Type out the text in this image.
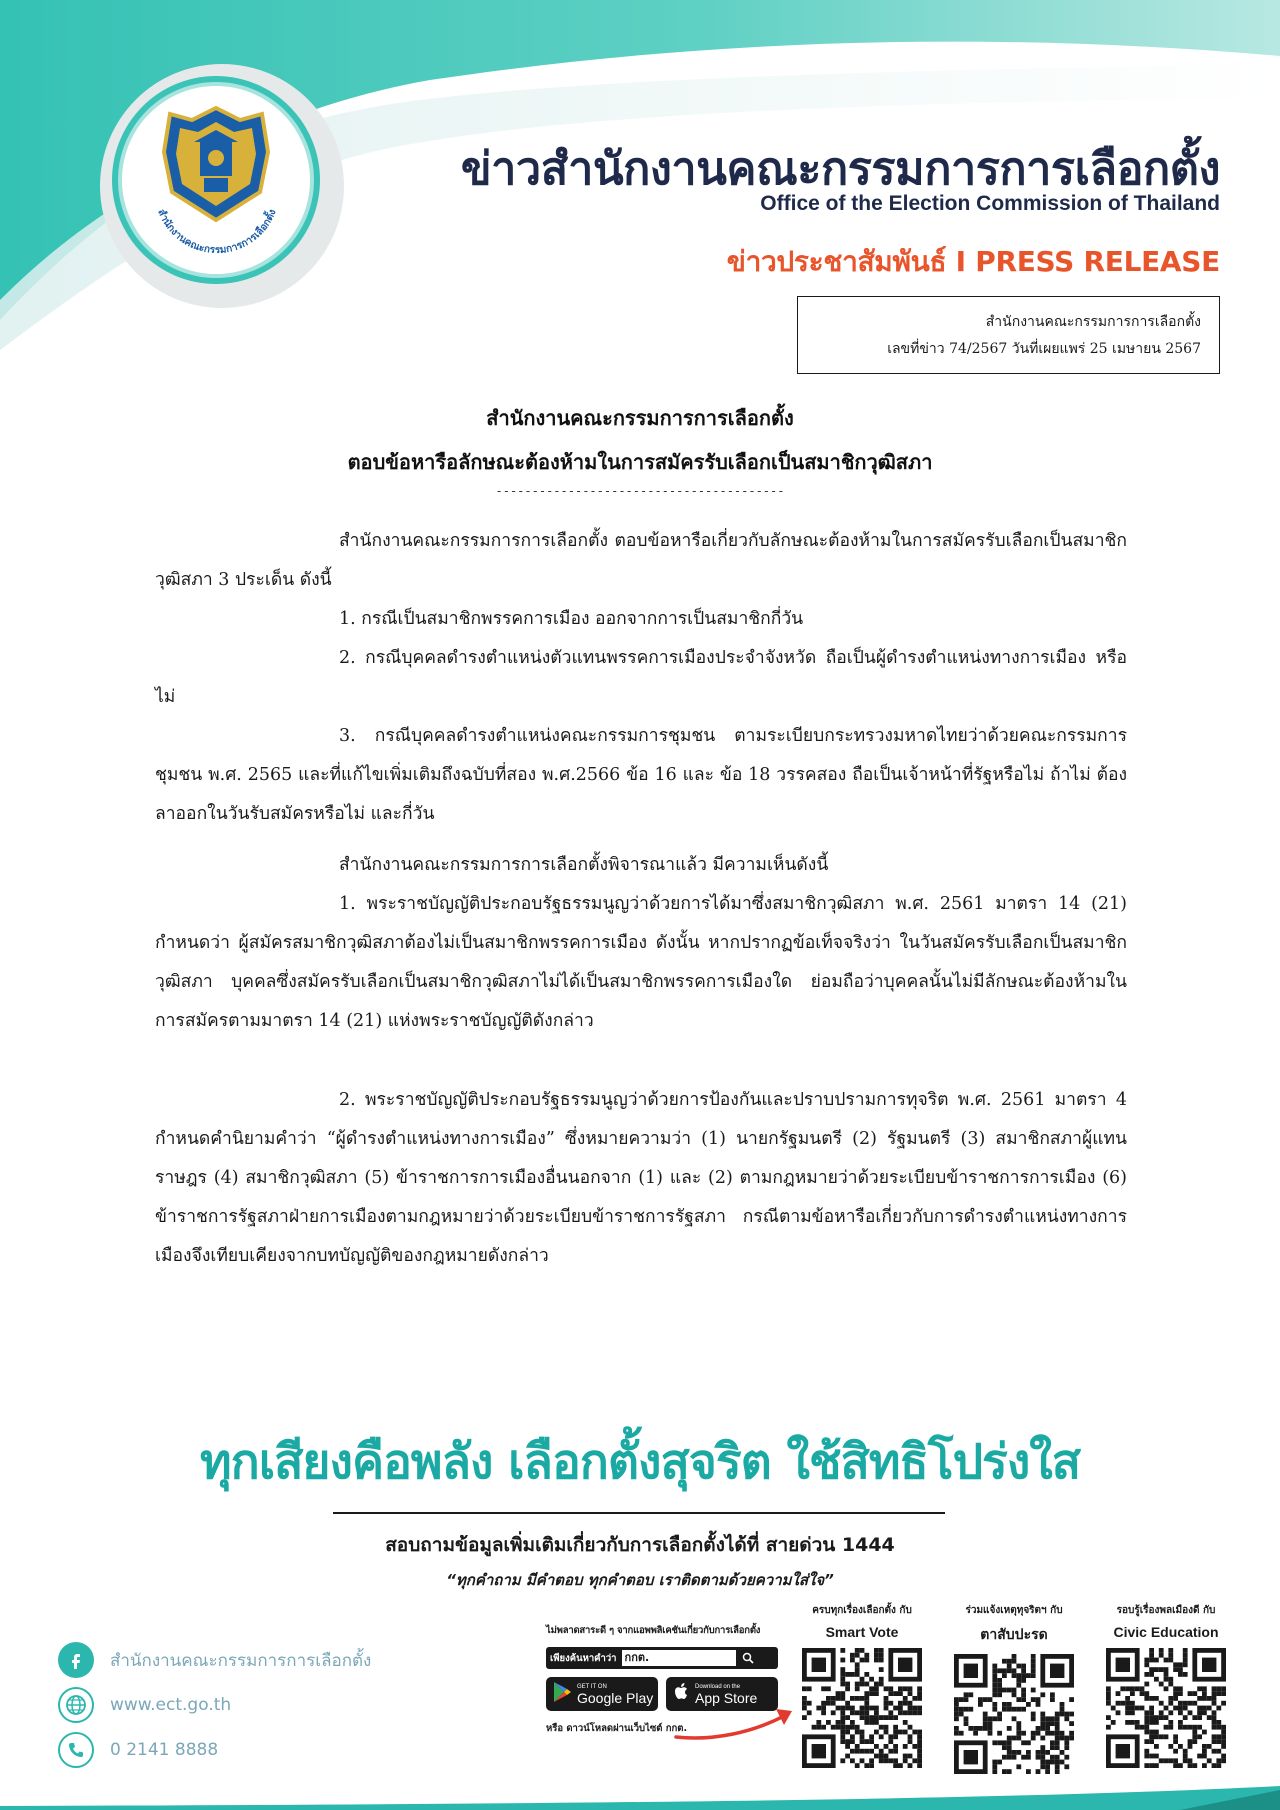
สำนักงานคณะกรรมการการเลือกตั้ง
ข่าวสำนักงานคณะกรรมการการเลือกตั้ง
Office of the Election Commission of Thailand
ข่าวประชาสัมพันธ์ I PRESS RELEASE
สำนักงานคณะกรรมการการเลือกตั้ง
เลขที่ข่าว 74/2567 วันที่เผยแพร่ 25 เมษายน 2567
สำนักงานคณะกรรมการการเลือกตั้ง
ตอบข้อหารือลักษณะต้องห้ามในการสมัครรับเลือกเป็นสมาชิกวุฒิสภา
----------------------------------------

สำนักงานคณะกรรมการการเลือกตั้ง ตอบข้อหารือเกี่ยวกับลักษณะต้องห้ามในการสมัครรับเลือกเป็นสมาชิกวุฒิสภา 3 ประเด็น ดังนี้

1. กรณีเป็นสมาชิกพรรคการเมือง ออกจากการเป็นสมาชิกกี่วัน

2. กรณีบุคคลดำรงตำแหน่งตัวแทนพรรคการเมืองประจำจังหวัด ถือเป็นผู้ดำรงตำแหน่งทางการเมือง หรือไม่

3. กรณีบุคคลดำรงตำแหน่งคณะกรรมการชุมชน ตามระเบียบกระทรวงมหาดไทยว่าด้วยคณะกรรมการชุมชน พ.ศ. 2565 และที่แก้ไขเพิ่มเติมถึงฉบับที่สอง พ.ศ.2566 ข้อ 16 และ ข้อ 18 วรรคสอง ถือเป็นเจ้าหน้าที่รัฐหรือไม่ ถ้าไม่ ต้องลาออกในวันรับสมัครหรือไม่ และกี่วัน

สำนักงานคณะกรรมการการเลือกตั้งพิจารณาแล้ว มีความเห็นดังนี้

1. พระราชบัญญัติประกอบรัฐธรรมนูญว่าด้วยการได้มาซึ่งสมาชิกวุฒิสภา พ.ศ. 2561 มาตรา 14 (21) กำหนดว่า ผู้สมัครสมาชิกวุฒิสภาต้องไม่เป็นสมาชิกพรรคการเมือง ดังนั้น หากปรากฏข้อเท็จจริงว่า ในวันสมัครรับเลือกเป็นสมาชิกวุฒิสภา บุคคลซึ่งสมัครรับเลือกเป็นสมาชิกวุฒิสภาไม่ได้เป็นสมาชิกพรรคการเมืองใด ย่อมถือว่าบุคคลนั้นไม่มีลักษณะต้องห้ามในการสมัครตามมาตรา 14 (21) แห่งพระราชบัญญัติดังกล่าว

2. พระราชบัญญัติประกอบรัฐธรรมนูญว่าด้วยการป้องกันและปราบปรามการทุจริต พ.ศ. 2561 มาตรา 4 กำหนดคำนิยามคำว่า “ผู้ดำรงตำแหน่งทางการเมือง” ซึ่งหมายความว่า (1) นายกรัฐมนตรี (2) รัฐมนตรี (3) สมาชิกสภาผู้แทนราษฎร (4) สมาชิกวุฒิสภา (5) ข้าราชการการเมืองอื่นนอกจาก (1) และ (2) ตามกฎหมายว่าด้วยระเบียบข้าราชการการเมือง (6) ข้าราชการรัฐสภาฝ่ายการเมืองตามกฎหมายว่าด้วยระเบียบข้าราชการรัฐสภา กรณีตามข้อหารือเกี่ยวกับการดำรงตำแหน่งทางการเมืองจึงเทียบเคียงจากบทบัญญัติของกฎหมายดังกล่าว

ทุกเสียงคือพลัง เลือกตั้งสุจริต ใช้สิทธิโปร่งใส
สอบถามข้อมูลเพิ่มเติมเกี่ยวกับการเลือกตั้งได้ที่ สายด่วน 1444
“ทุกคำถาม มีคำตอบ ทุกคำตอบ เราติดตามด้วยความใส่ใจ”
สำนักงานคณะกรรมการการเลือกตั้ง
www.ect.go.th
0 2141 8888
ไม่พลาดสาระดี ๆ จากแอพพลิเคชันเกี่ยวกับการเลือกตั้ง
เพียงค้นหาคำว่า กกต.
GET IT ON
Google Play
Download on the
App Store
หรือ ดาวน์โหลดผ่านเว็บไซต์ กกต.
ครบทุกเรื่องเลือกตั้ง กับ
Smart Vote
ร่วมแจ้งเหตุทุจริตฯ กับ
ตาสับปะรด
รอบรู้เรื่องพลเมืองดี กับ
Civic Education
